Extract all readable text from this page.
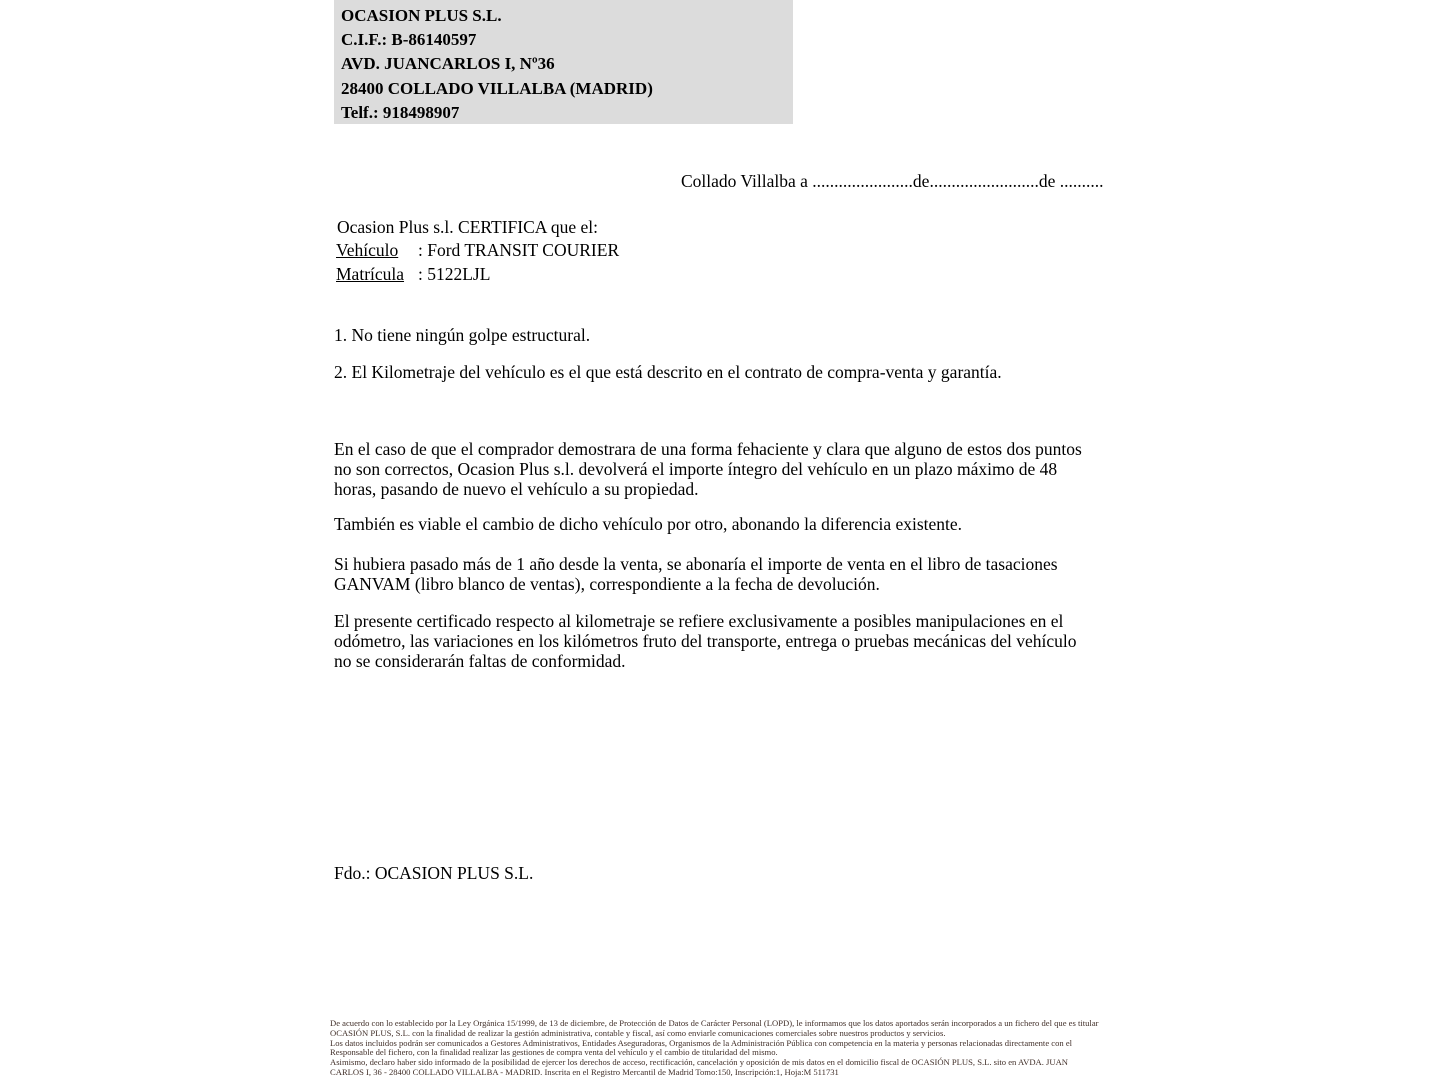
OCASION PLUS S.L.
C.I.F.: B-86140597
AVD. JUANCARLOS I, Nº36
28400 COLLADO VILLALBA (MADRID)
Telf.: 918498907
Collado Villalba a .......................de.........................de ..........
Ocasion Plus s.l. CERTIFICA que el:
Vehículo : Ford TRANSIT COURIER
Matrícula : 5122LJL
1. No tiene ningún golpe estructural.
2. El Kilometraje del vehículo es el que está descrito en el contrato de compra-venta y garantía.
En el caso de que el comprador demostrara de una forma fehaciente y clara que alguno de estos dos puntos no son correctos, Ocasion Plus s.l. devolverá el importe íntegro del vehículo en un plazo máximo de 48 horas, pasando de nuevo el vehículo a su propiedad.
También es viable el cambio de dicho vehículo por otro, abonando la diferencia existente.
Si hubiera pasado más de 1 año desde la venta, se abonaría el importe de venta en el libro de tasaciones GANVAM (libro blanco de ventas), correspondiente a la fecha de devolución.
El presente certificado respecto al kilometraje se refiere exclusivamente a posibles manipulaciones en el odómetro, las variaciones en los kilómetros fruto del transporte, entrega o pruebas mecánicas del vehículo no se considerarán faltas de conformidad.
Fdo.: OCASION PLUS S.L.
De acuerdo con lo establecido por la Ley Orgánica 15/1999, de 13 de diciembre, de Protección de Datos de Carácter Personal (LOPD), le informamos que los datos aportados serán incorporados a un fichero del que es titular
OCASIÓN PLUS, S.L. con la finalidad de realizar la gestión administrativa, contable y fiscal, así como enviarle comunicaciones comerciales sobre nuestros productos y servicios.
Los datos incluidos podrán ser comunicados a Gestores Administrativos, Entidades Aseguradoras, Organismos de la Administración Pública con competencia en la materia y personas relacionadas directamente con el
Responsable del fichero, con la finalidad realizar las gestiones de compra venta del vehículo y el cambio de titularidad del mismo.
Asimismo, declaro haber sido informado de la posibilidad de ejercer los derechos de acceso, rectificación, cancelación y oposición de mis datos en el domicilio fiscal de OCASIÓN PLUS, S.L. sito en AVDA. JUAN
CARLOS I, 36 - 28400 COLLADO VILLALBA - MADRID. Inscrita en el Registro Mercantil de Madrid Tomo:150, Inscripción:1, Hoja:M 511731
